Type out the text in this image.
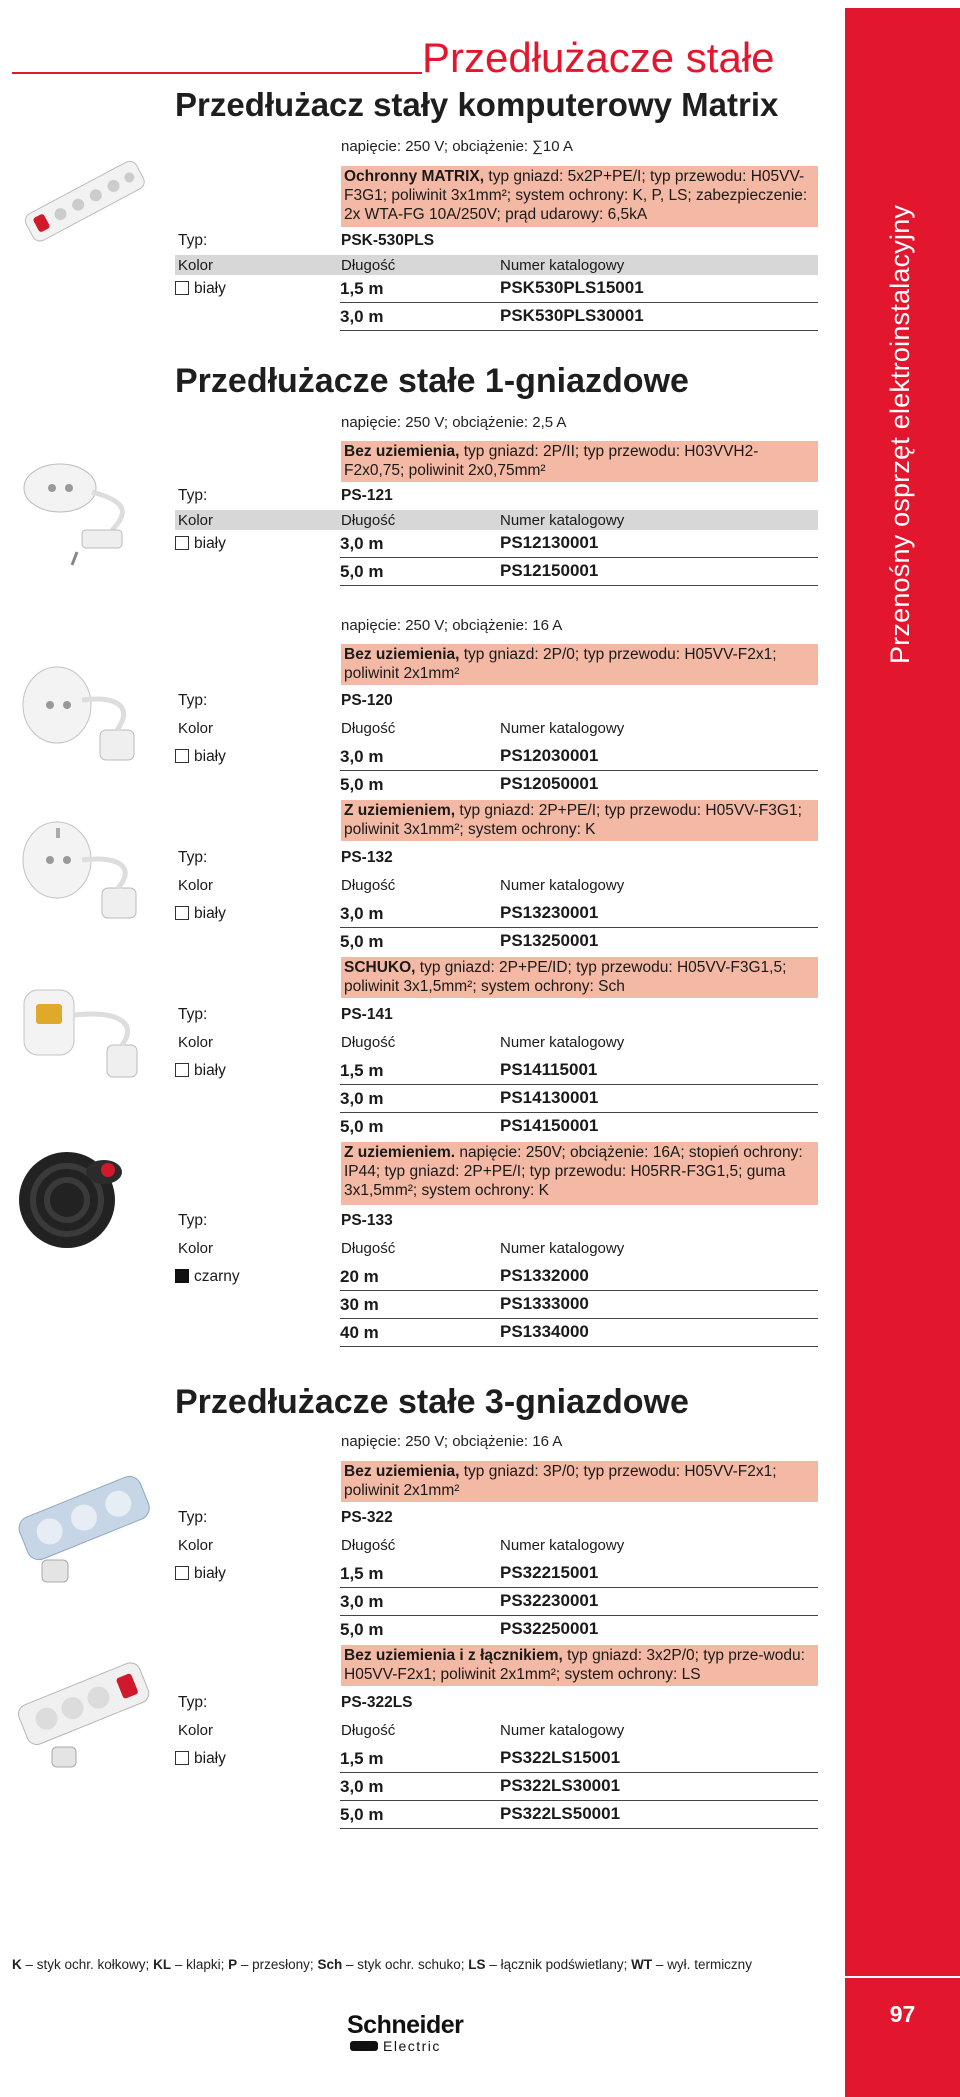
Przenośny osprzęt elektroinstalacyjny
97
Przedłużacze stałe
Przedłużacz stały komputerowy Matrix
napięcie: 250 V; obciążenie: ∑10 A
Ochronny MATRIX, typ gniazd: 5x2P+PE/I; typ przewodu: H05VV-F3G1; poliwinit 3x1mm²; system ochrony: K, P, LS; zabezpieczenie: 2x WTA-FG 10A/250V; prąd udarowy: 6,5kA
Typ:	PSK-530PLS
Kolor	Długość	Numer katalogowy
biały	1,5 m	PSK530PLS15001
3,0 m	PSK530PLS30001
Przedłużacze stałe 1-gniazdowe
napięcie: 250 V; obciążenie: 2,5 A
Bez uziemienia, typ gniazd: 2P/II; typ przewodu: H03VVH2-F2x0,75; poliwinit 2x0,75mm²
Typ:	PS-121
Kolor	Długość	Numer katalogowy
biały	3,0 m	PS12130001
5,0 m	PS12150001
napięcie: 250 V; obciążenie: 16 A
Bez uziemienia, typ gniazd: 2P/0; typ przewodu: H05VV-F2x1; poliwinit 2x1mm²
Typ:	PS-120
Kolor	Długość	Numer katalogowy
biały	3,0 m	PS12030001
5,0 m	PS12050001
Z uziemieniem, typ gniazd: 2P+PE/I; typ przewodu: H05VV-F3G1; poliwinit 3x1mm²; system ochrony: K
Typ:	PS-132
Kolor	Długość	Numer katalogowy
biały	3,0 m	PS13230001
5,0 m	PS13250001
SCHUKO, typ gniazd: 2P+PE/ID; typ przewodu: H05VV-F3G1,5; poliwinit 3x1,5mm²; system ochrony: Sch
Typ:	PS-141
Kolor	Długość	Numer katalogowy
biały	1,5 m	PS14115001
3,0 m	PS14130001
5,0 m	PS14150001
Z uziemieniem. napięcie: 250V; obciążenie: 16A; stopień ochrony: IP44; typ gniazd: 2P+PE/I; typ przewodu: H05RR-F3G1,5; guma 3x1,5mm²; system ochrony: K
Typ:	PS-133
Kolor	Długość	Numer katalogowy
czarny	20 m	PS1332000
30 m	PS1333000
40 m	PS1334000
Przedłużacze stałe 3-gniazdowe
napięcie: 250 V; obciążenie: 16 A
Bez uziemienia, typ gniazd: 3P/0; typ przewodu: H05VV-F2x1; poliwinit 2x1mm²
Typ:	PS-322
Kolor	Długość	Numer katalogowy
biały	1,5 m	PS32215001
3,0 m	PS32230001
5,0 m	PS32250001
Bez uziemienia i z łącznikiem, typ gniazd: 3x2P/0; typ prze-wodu: H05VV-F2x1; poliwinit 2x1mm²; system ochrony: LS
Typ:	PS-322LS
Kolor	Długość	Numer katalogowy
biały	1,5 m	PS322LS15001
3,0 m	PS322LS30001
5,0 m	PS322LS50001
K – styk ochr. kołkowy; KL – klapki; P – przesłony; Sch – styk ochr. schuko; LS – łącznik podświetlany; WT – wył. termiczny
Schneider
Electric
